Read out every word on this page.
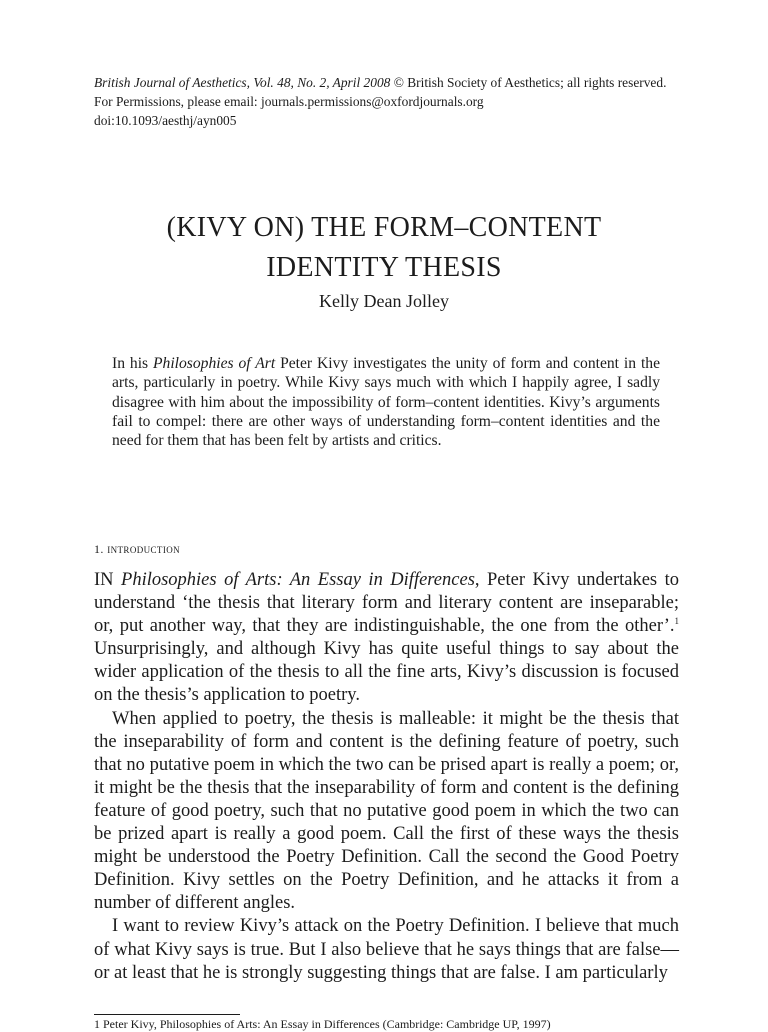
British Journal of Aesthetics, Vol. 48, No. 2, April 2008 © British Society of Aesthetics; all rights reserved.
For Permissions, please email: journals.permissions@oxfordjournals.org
doi:10.1093/aesthj/ayn005
(KIVY ON) THE FORM–CONTENT
IDENTITY THESIS
Kelly Dean Jolley
In his Philosophies of Art Peter Kivy investigates the unity of form and content in the arts, particularly in poetry. While Kivy says much with which I happily agree, I sadly disagree with him about the impossibility of form–content identities. Kivy’s arguments fail to compel: there are other ways of understanding form–content identities and the need for them that has been felt by artists and critics.
1. introduction

IN Philosophies of Arts: An Essay in Differences, Peter Kivy undertakes to understand ‘the thesis that literary form and literary content are inseparable; or, put another way, that they are indistinguishable, the one from the other’.$^1$ Unsurprisingly, and although Kivy has quite useful things to say about the wider application of the thesis to all the fine arts, Kivy’s discussion is focused on the thesis’s application to poetry.

When applied to poetry, the thesis is malleable: it might be the thesis that the inseparability of form and content is the defining feature of poetry, such that no putative poem in which the two can be prised apart is really a poem; or, it might be the thesis that the inseparability of form and content is the defining feature of good poetry, such that no putative good poem in which the two can be prized apart is really a good poem. Call the first of these ways the thesis might be understood the Poetry Definition. Call the second the Good Poetry Definition. Kivy settles on the Poetry Definition, and he attacks it from a number of different angles.

I want to review Kivy’s attack on the Poetry Definition. I believe that much of what Kivy says is true. But I also believe that he says things that are false—or at least that he is strongly suggesting things that are false. I am particularly

1 Peter Kivy, Philosophies of Arts: An Essay in Differences (Cambridge: Cambridge UP, 1997)
